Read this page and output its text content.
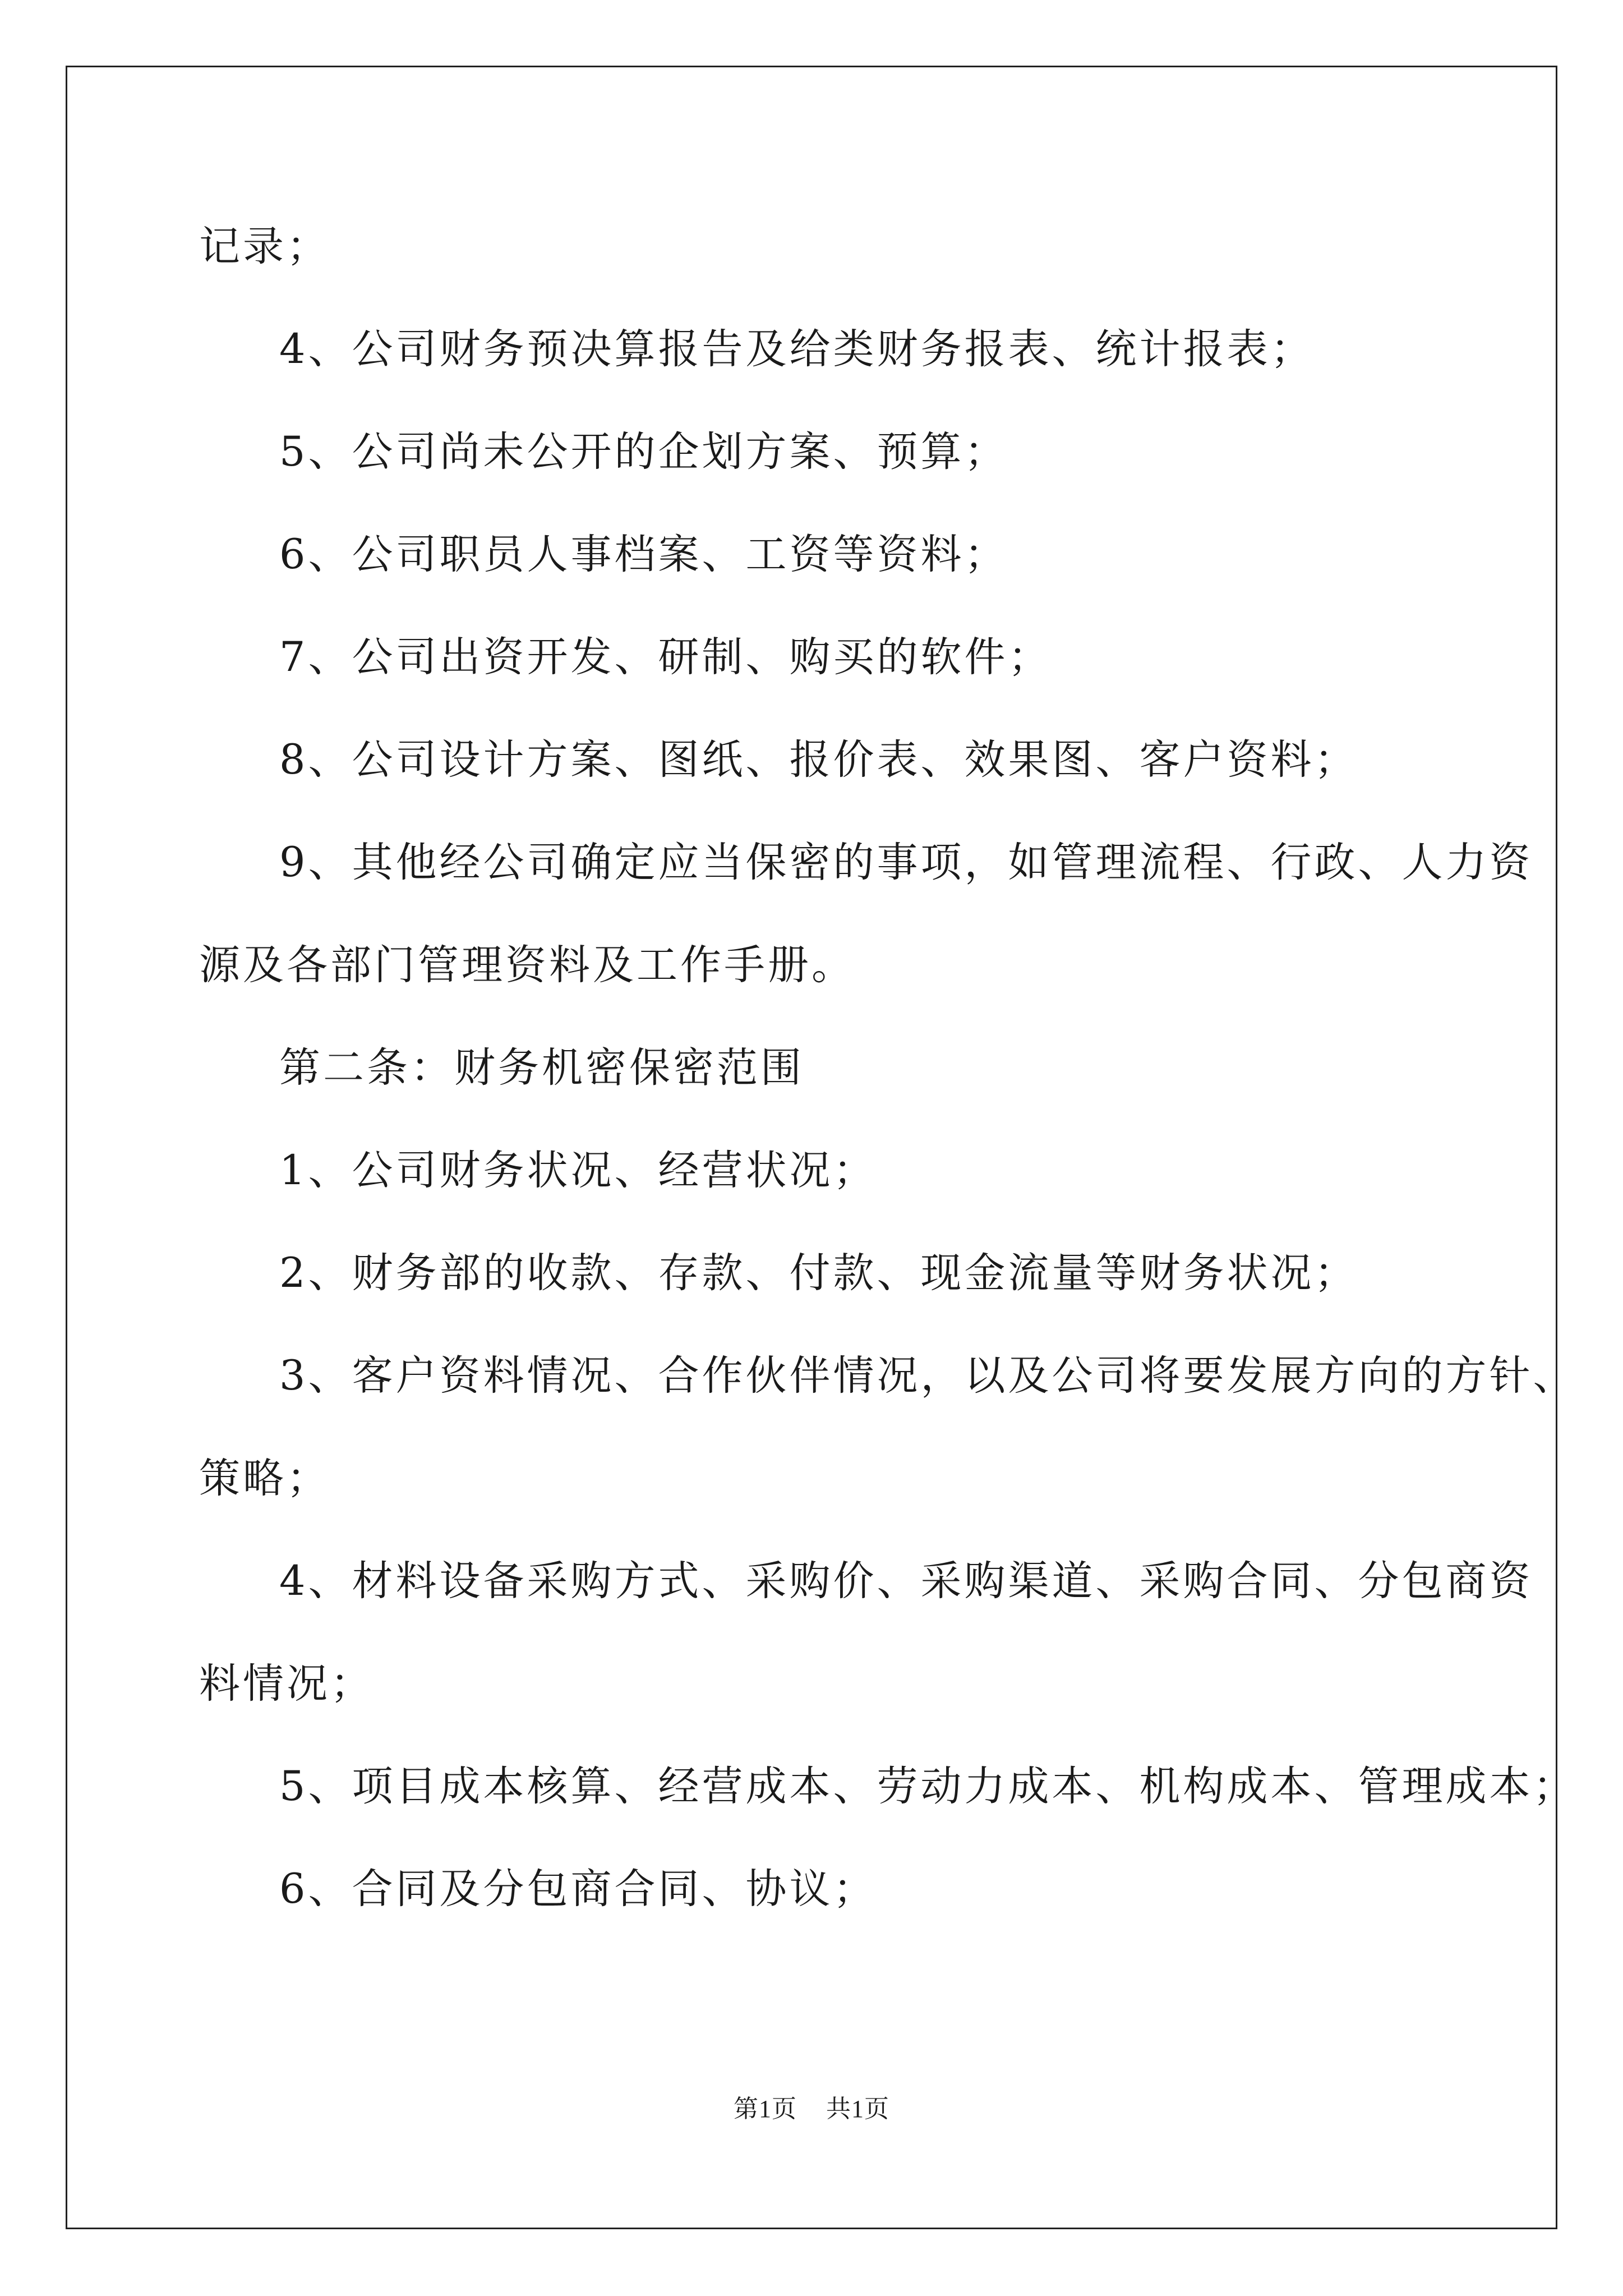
记录；
4、公司财务预决算报告及给类财务报表、统计报表；
5、公司尚未公开的企划方案、预算；
6、公司职员人事档案、工资等资料；
7、公司出资开发、研制、购买的软件；
8、公司设计方案、图纸、报价表、效果图、客户资料；
9、其他经公司确定应当保密的事项，如管理流程、行政、人力资
源及各部门管理资料及工作手册。
第二条：财务机密保密范围
1、公司财务状况、经营状况；
2、财务部的收款、存款、付款、现金流量等财务状况；
3、客户资料情况、合作伙伴情况，以及公司将要发展方向的方针、
策略；
4、材料设备采购方式、采购价、采购渠道、采购合同、分包商资
料情况；
5、项目成本核算、经营成本、劳动力成本、机构成本、管理成本；
6、合同及分包商合同、协议；
第1页 共1页
